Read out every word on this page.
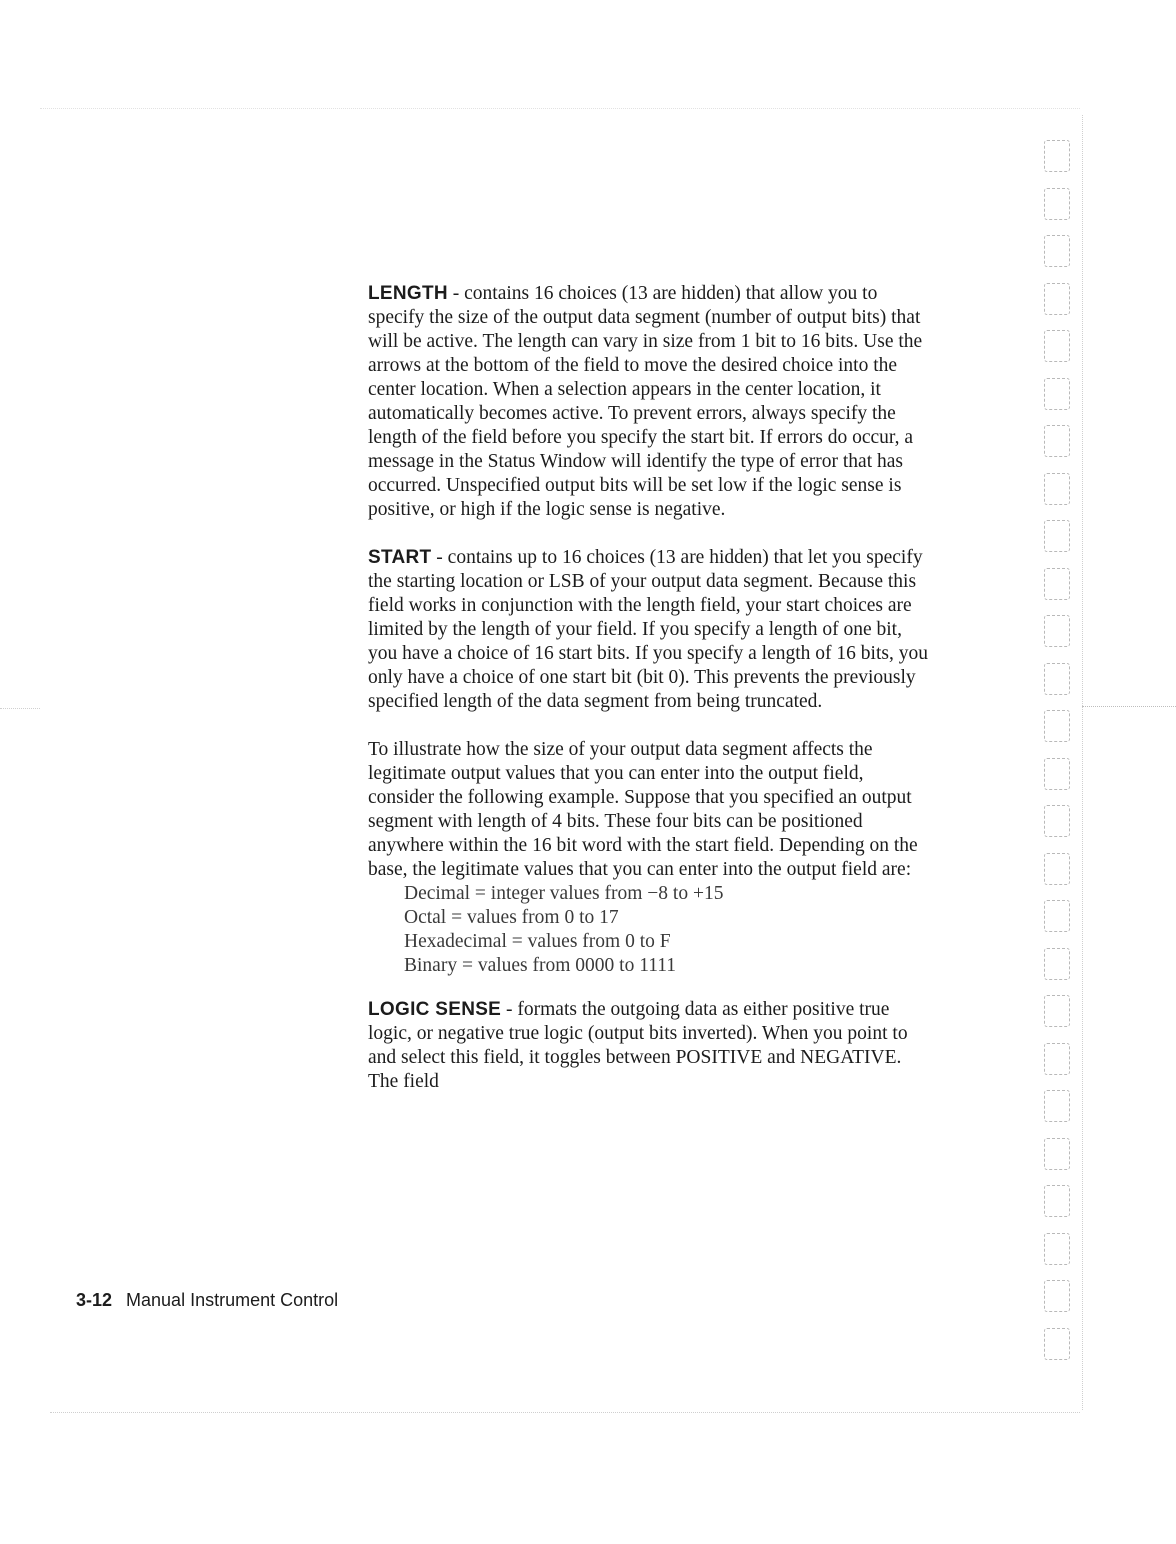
LENGTH - contains 16 choices (13 are hidden) that allow you to specify the size of the output data segment (number of output bits) that will be active. The length can vary in size from 1 bit to 16 bits. Use the arrows at the bottom of the field to move the desired choice into the center location. When a selection appears in the center location, it automatically becomes active. To prevent errors, always specify the length of the field before you specify the start bit. If errors do occur, a message in the Status Window will identify the type of error that has occurred. Unspecified output bits will be set low if the logic sense is positive, or high if the logic sense is negative.

START - contains up to 16 choices (13 are hidden) that let you specify the starting location or LSB of your output data segment. Because this field works in conjunction with the length field, your start choices are limited by the length of your field. If you specify a length of one bit, you have a choice of 16 start bits. If you specify a length of 16 bits, you only have a choice of one start bit (bit 0). This prevents the previously specified length of the data segment from being truncated.

To illustrate how the size of your output data segment affects the legitimate output values that you can enter into the output field, consider the following example. Suppose that you specified an output segment with length of 4 bits. These four bits can be positioned anywhere within the 16 bit word with the start field. Depending on the base, the legitimate values that you can enter into the output field are:

Decimal = integer values from −8 to +15
Octal = values from 0 to 17
Hexadecimal = values from 0 to F
Binary = values from 0000 to 1111

LOGIC SENSE - formats the outgoing data as either positive true logic, or negative true logic (output bits inverted). When you point to and select this field, it toggles between POSITIVE and NEGATIVE. The field

3-12 Manual Instrument Control
